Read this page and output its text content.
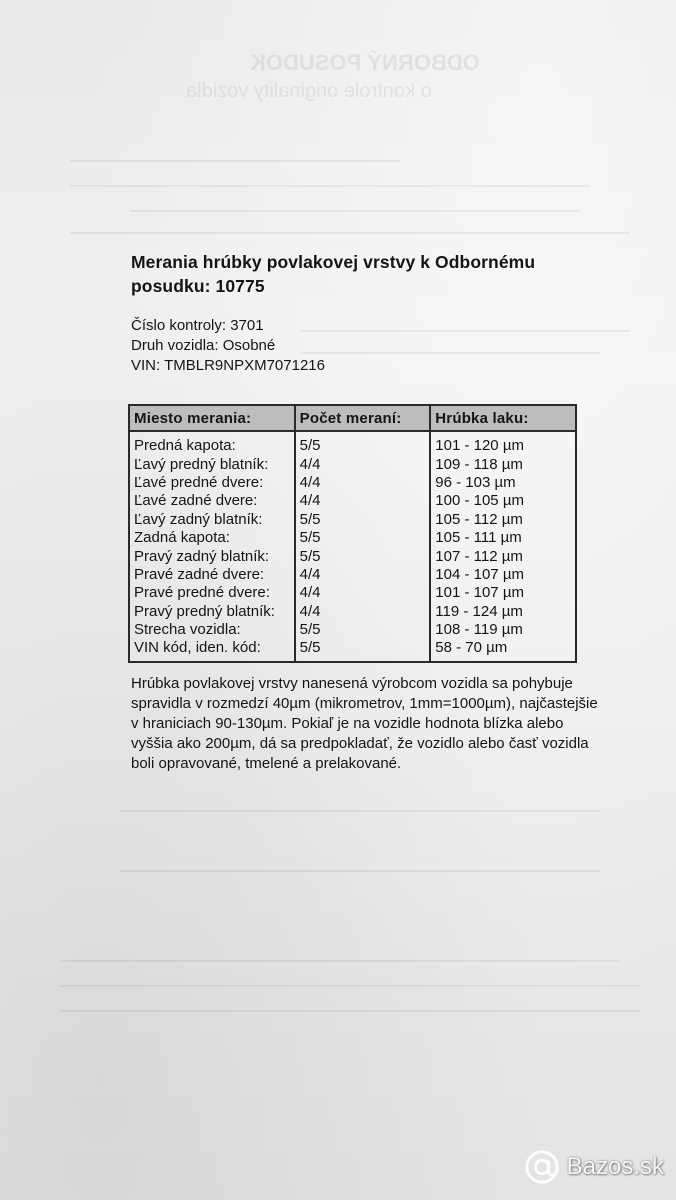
ODBORNÝ POSUDOK
o kontrole originality vozidla
Merania hrúbky povlakovej vrstvy k Odbornému posudku: 10775
Číslo kontroly: 3701
Druh vozidla: Osobné
VIN: TMBLR9NPXM7071216
Miesto merania:	Počet meraní:	Hrúbka laku:
Predná kapota:	5/5	101 - 120 µm
Ľavý predný blatník:	4/4	109 - 118 µm
Ľavé predné dvere:	4/4	96 - 103 µm
Ľavé zadné dvere:	4/4	100 - 105 µm
Ľavý zadný blatník:	5/5	105 - 112 µm
Zadná kapota:	5/5	105 - 111 µm
Pravý zadný blatník:	5/5	107 - 112 µm
Pravé zadné dvere:	4/4	104 - 107 µm
Pravé predné dvere:	4/4	101 - 107 µm
Pravý predný blatník:	4/4	119 - 124 µm
Strecha vozidla:	5/5	108 - 119 µm
VIN kód, iden. kód:	5/5	58 - 70 µm
Hrúbka povlakovej vrstvy nanesená výrobcom vozidla sa pohybuje spravidla v rozmedzí 40µm (mikrometrov, 1mm=1000µm), najčastejšie v hraniciach 90-130µm. Pokiaľ je na vozidle hodnota blízka alebo vyššia ako 200µm, dá sa predpokladať, že vozidlo alebo časť vozidla boli opravované, tmelené a prelakované.
Bazos.sk
